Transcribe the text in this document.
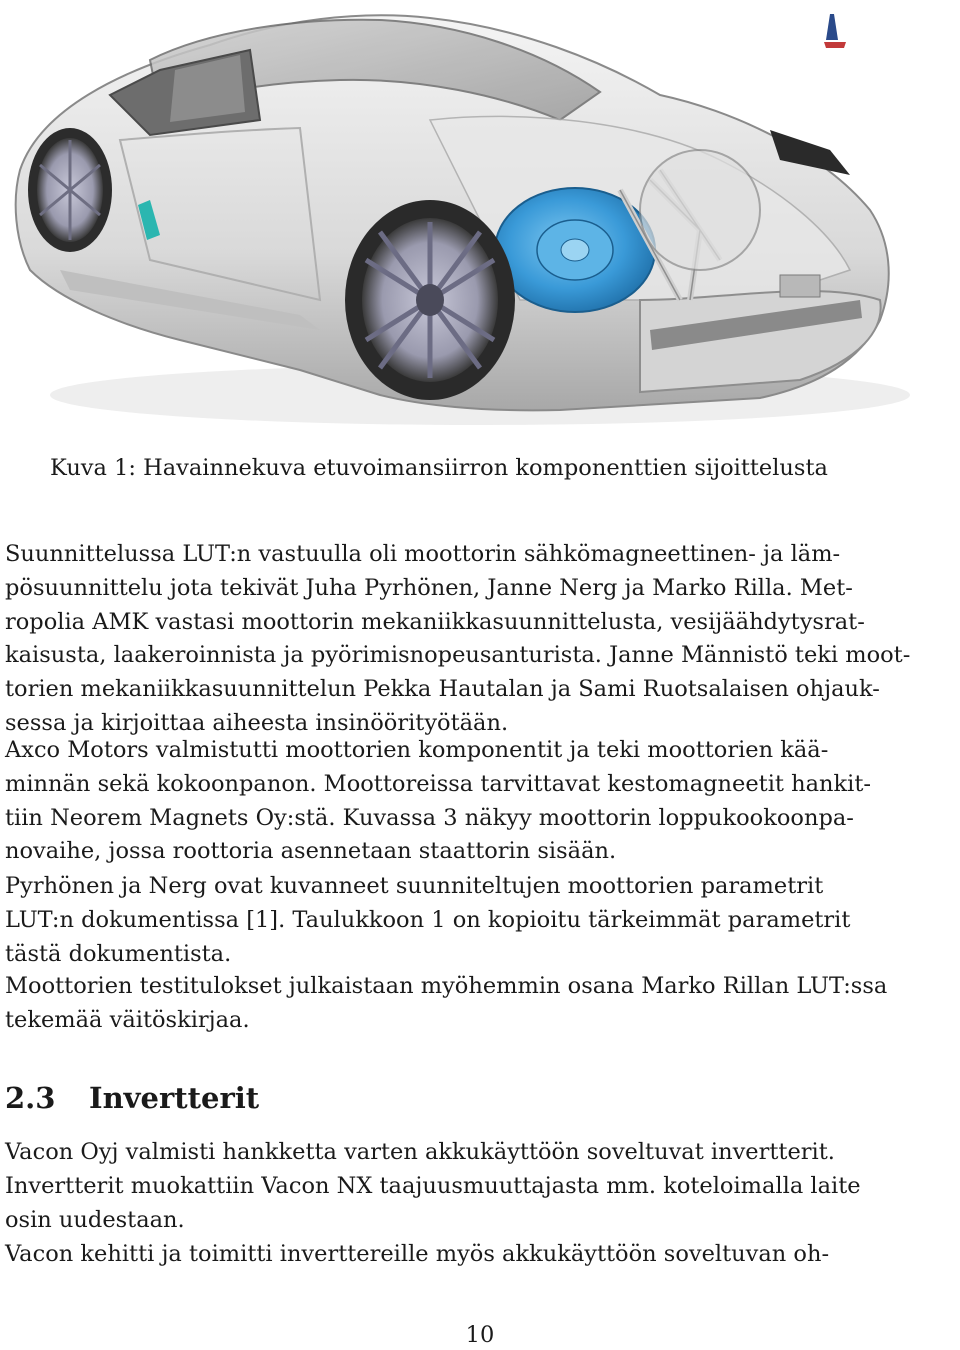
Kuva 1: Havainnekuva etuvoimansiirron komponenttien sijoittelusta

Suunnittelussa LUT:n vastuulla oli moottorin sähkömagneettinen- ja läm-
pösuunnittelu jota tekivät Juha Pyrhönen, Janne Nerg ja Marko Rilla. Met-
ropolia AMK vastasi moottorin mekaniikkasuunnittelusta, vesijäähdytysrat-
kaisusta, laakeroinnista ja pyörimisnopeusanturista. Janne Männistö teki moot-
torien mekaniikkasuunnittelun Pekka Hautalan ja Sami Ruotsalaisen ohjauk-
sessa ja kirjoittaa aiheesta insinöörityötään.

Axco Motors valmistutti moottorien komponentit ja teki moottorien kää-
minnän sekä kokoonpanon. Moottoreissa tarvittavat kestomagneetit hankit-
tiin Neorem Magnets Oy:stä. Kuvassa 3 näkyy moottorin loppukookoonpa-
novaihe, jossa roottoria asennetaan staattorin sisään.

Pyrhönen ja Nerg ovat kuvanneet suunniteltujen moottorien parametrit
LUT:n dokumentissa [1]. Taulukkoon 1 on kopioitu tärkeimmät parametrit
tästä dokumentista.

Moottorien testitulokset julkaistaan myöhemmin osana Marko Rillan LUT:ssa
tekemää väitöskirjaa.

2.3 Invertterit

Vacon Oyj valmisti hankketta varten akkukäyttöön soveltuvat invertterit.
Invertterit muokattiin Vacon NX taajuusmuuttajasta mm. koteloimalla laite
osin uudestaan.

Vacon kehitti ja toimitti inverttereille myös akkukäyttöön soveltuvan oh-

10
